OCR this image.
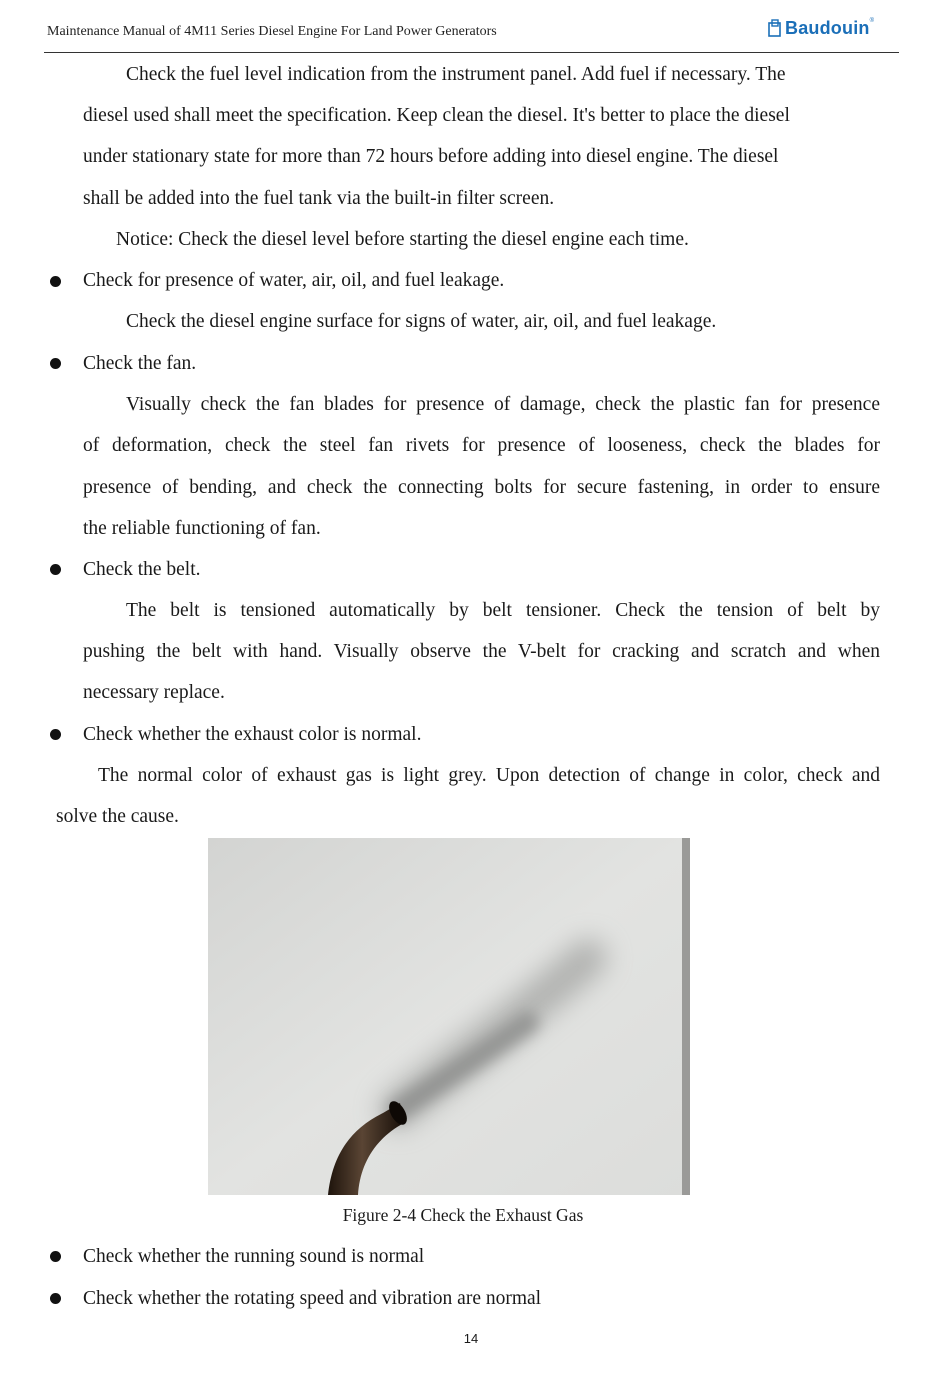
Maintenance Manual of 4M11 Series Diesel Engine For Land Power Generators	Baudouin ®
Check the fuel level indication from the instrument panel. Add fuel if necessary. The
diesel used shall meet the specification. Keep clean the diesel. It's better to place the diesel
under stationary state for more than 72 hours before adding into diesel engine. The diesel
shall be added into the fuel tank via the built-in filter screen.
Notice: Check the diesel level before starting the diesel engine each time.
Check for presence of water, air, oil, and fuel leakage.
Check the diesel engine surface for signs of water, air, oil, and fuel leakage.
Check the fan.
Visually check the fan blades for presence of damage, check the plastic fan for presence
of deformation, check the steel fan rivets for presence of looseness, check the blades for
presence of bending, and check the connecting bolts for secure fastening, in order to ensure
the reliable functioning of fan.
Check the belt.
The belt is tensioned automatically by belt tensioner. Check the tension of belt by
pushing the belt with hand. Visually observe the V-belt for cracking and scratch and when
necessary replace.
Check whether the exhaust color is normal.
The normal color of exhaust gas is light grey. Upon detection of change in color, check and
solve the cause.
Figure 2-4 Check the Exhaust Gas
Check whether the running sound is normal
Check whether the rotating speed and vibration are normal
14
